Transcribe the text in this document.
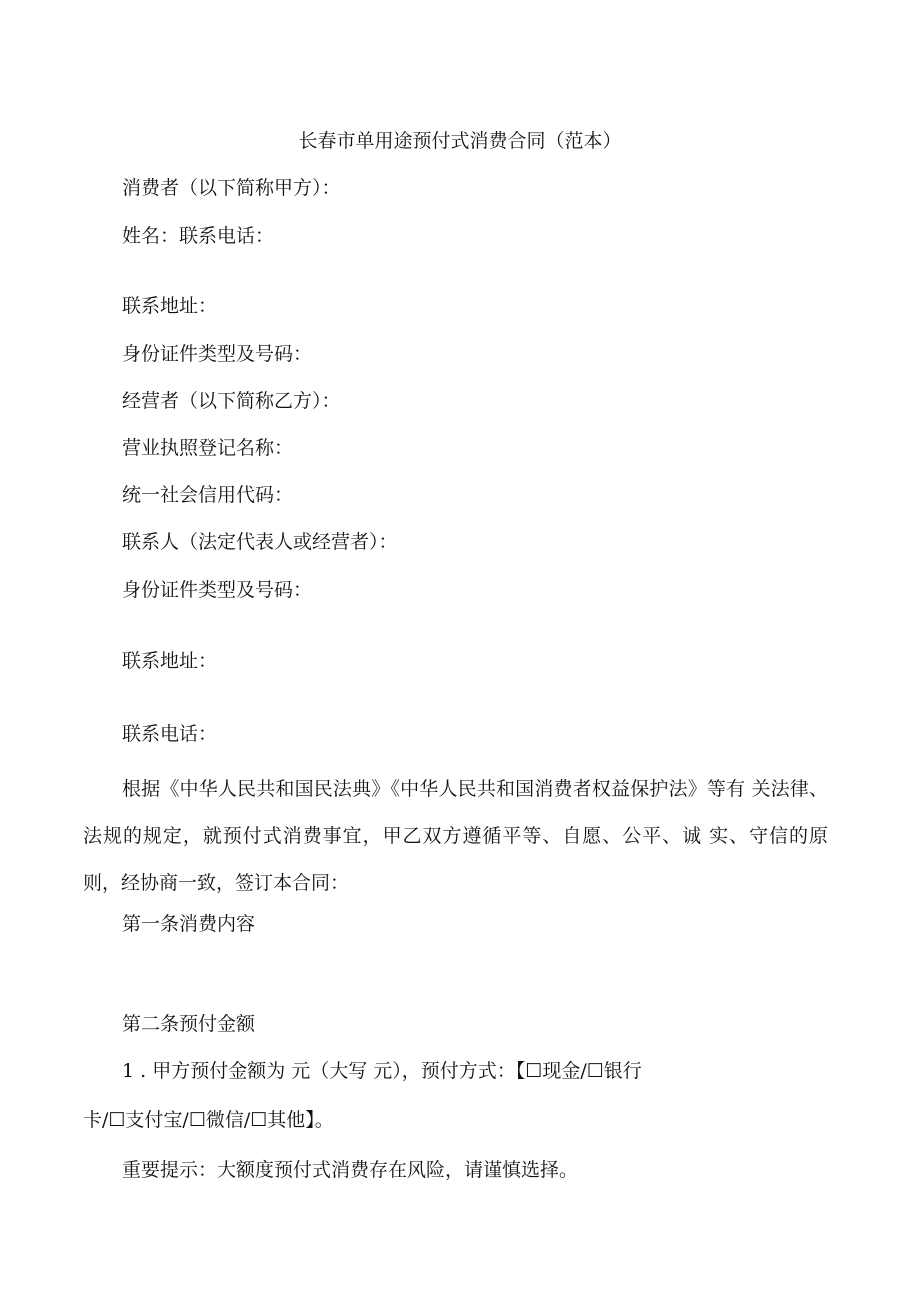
长春市单用途预付式消费合同（范本）
消费者（以下简称甲方）：
姓名：联系电话：
联系地址：
身份证件类型及号码：
经营者（以下简称乙方）：
营业执照登记名称：
统一社会信用代码：
联系人（法定代表人或经营者）：
身份证件类型及号码：
联系地址：
联系电话：
根据《中华人民共和国民法典》《中华人民共和国消费者权益保护法》等有 关法律、法规的规定，就预付式消费事宜，甲乙双方遵循平等、自愿、公平、诚 实、守信的原则，经协商一致，签订本合同：
第一条消费内容
第二条预付金额
1 . 甲方预付金额为 元（大写 元），预付方式：【☐现金/☐银行
卡/☐支付宝/☐微信/☐其他】。
重要提示：大额度预付式消费存在风险，请谨慎选择。
